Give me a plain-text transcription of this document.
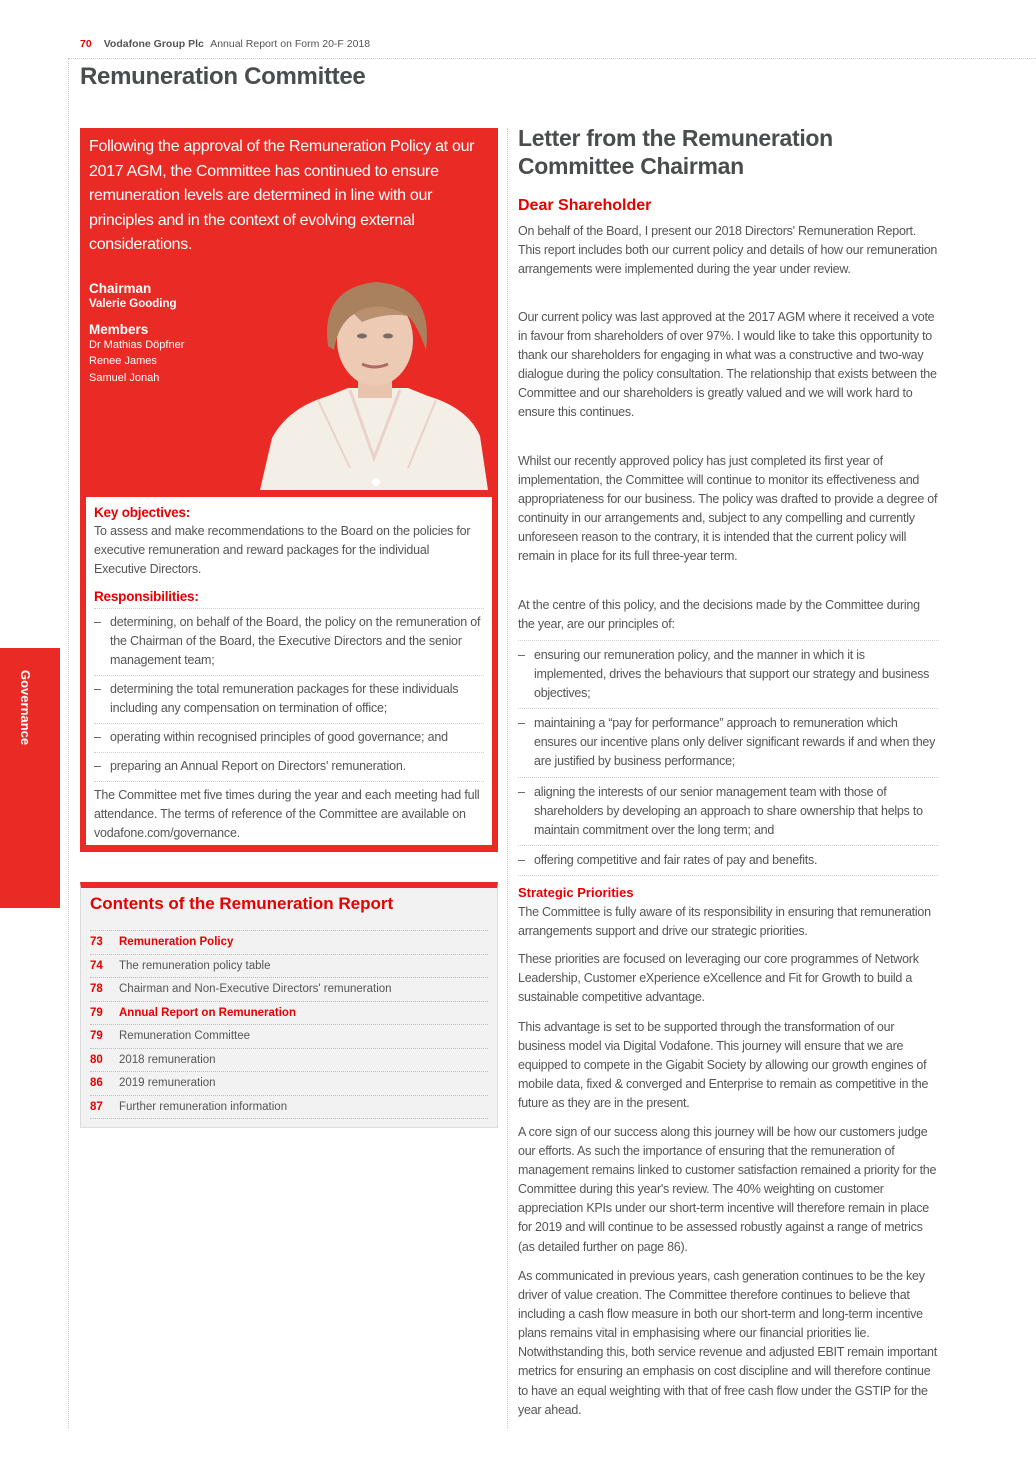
70 Vodafone Group Plc Annual Report on Form 20-F 2018
Remuneration Committee
Governance
Following the approval of the Remuneration Policy at our 2017 AGM, the Committee has continued to ensure remuneration levels are determined in line with our principles and in the context of evolving external considerations.
Chairman
Valerie Gooding
Members
Dr Mathias Döpfner
Renee James
Samuel Jonah
Key objectives:
To assess and make recommendations to the Board on the policies for executive remuneration and reward packages for the individual Executive Directors.
Responsibilities:
– determining, on behalf of the Board, the policy on the remuneration of the Chairman of the Board, the Executive Directors and the senior management team;
– determining the total remuneration packages for these individuals including any compensation on termination of office;
– operating within recognised principles of good governance; and
– preparing an Annual Report on Directors' remuneration.
The Committee met five times during the year and each meeting had full attendance. The terms of reference of the Committee are available on vodafone.com/governance.
Contents of the Remuneration Report
73 Remuneration Policy
74 The remuneration policy table
78 Chairman and Non-Executive Directors' remuneration
79 Annual Report on Remuneration
79 Remuneration Committee
80 2018 remuneration
86 2019 remuneration
87 Further remuneration information
Letter from the Remuneration Committee Chairman
Dear Shareholder
On behalf of the Board, I present our 2018 Directors' Remuneration Report. This report includes both our current policy and details of how our remuneration arrangements were implemented during the year under review.
Our current policy was last approved at the 2017 AGM where it received a vote in favour from shareholders of over 97%. I would like to take this opportunity to thank our shareholders for engaging in what was a constructive and two-way dialogue during the policy consultation. The relationship that exists between the Committee and our shareholders is greatly valued and we will work hard to ensure this continues.
Whilst our recently approved policy has just completed its first year of implementation, the Committee will continue to monitor its effectiveness and appropriateness for our business. The policy was drafted to provide a degree of continuity in our arrangements and, subject to any compelling and currently unforeseen reason to the contrary, it is intended that the current policy will remain in place for its full three-year term.
At the centre of this policy, and the decisions made by the Committee during the year, are our principles of:
– ensuring our remuneration policy, and the manner in which it is implemented, drives the behaviours that support our strategy and business objectives;
– maintaining a “pay for performance” approach to remuneration which ensures our incentive plans only deliver significant rewards if and when they are justified by business performance;
– aligning the interests of our senior management team with those of shareholders by developing an approach to share ownership that helps to maintain commitment over the long term; and
– offering competitive and fair rates of pay and benefits.
Strategic Priorities
The Committee is fully aware of its responsibility in ensuring that remuneration arrangements support and drive our strategic priorities.
These priorities are focused on leveraging our core programmes of Network Leadership, Customer eXperience eXcellence and Fit for Growth to build a sustainable competitive advantage.
This advantage is set to be supported through the transformation of our business model via Digital Vodafone. This journey will ensure that we are equipped to compete in the Gigabit Society by allowing our growth engines of mobile data, fixed & converged and Enterprise to remain as competitive in the future as they are in the present.
A core sign of our success along this journey will be how our customers judge our efforts. As such the importance of ensuring that the remuneration of management remains linked to customer satisfaction remained a priority for the Committee during this year's review. The 40% weighting on customer appreciation KPIs under our short-term incentive will therefore remain in place for 2019 and will continue to be assessed robustly against a range of metrics (as detailed further on page 86).
As communicated in previous years, cash generation continues to be the key driver of value creation. The Committee therefore continues to believe that including a cash flow measure in both our short-term and long-term incentive plans remains vital in emphasising where our financial priorities lie. Notwithstanding this, both service revenue and adjusted EBIT remain important metrics for ensuring an emphasis on cost discipline and will therefore continue to have an equal weighting with that of free cash flow under the GSTIP for the year ahead.
